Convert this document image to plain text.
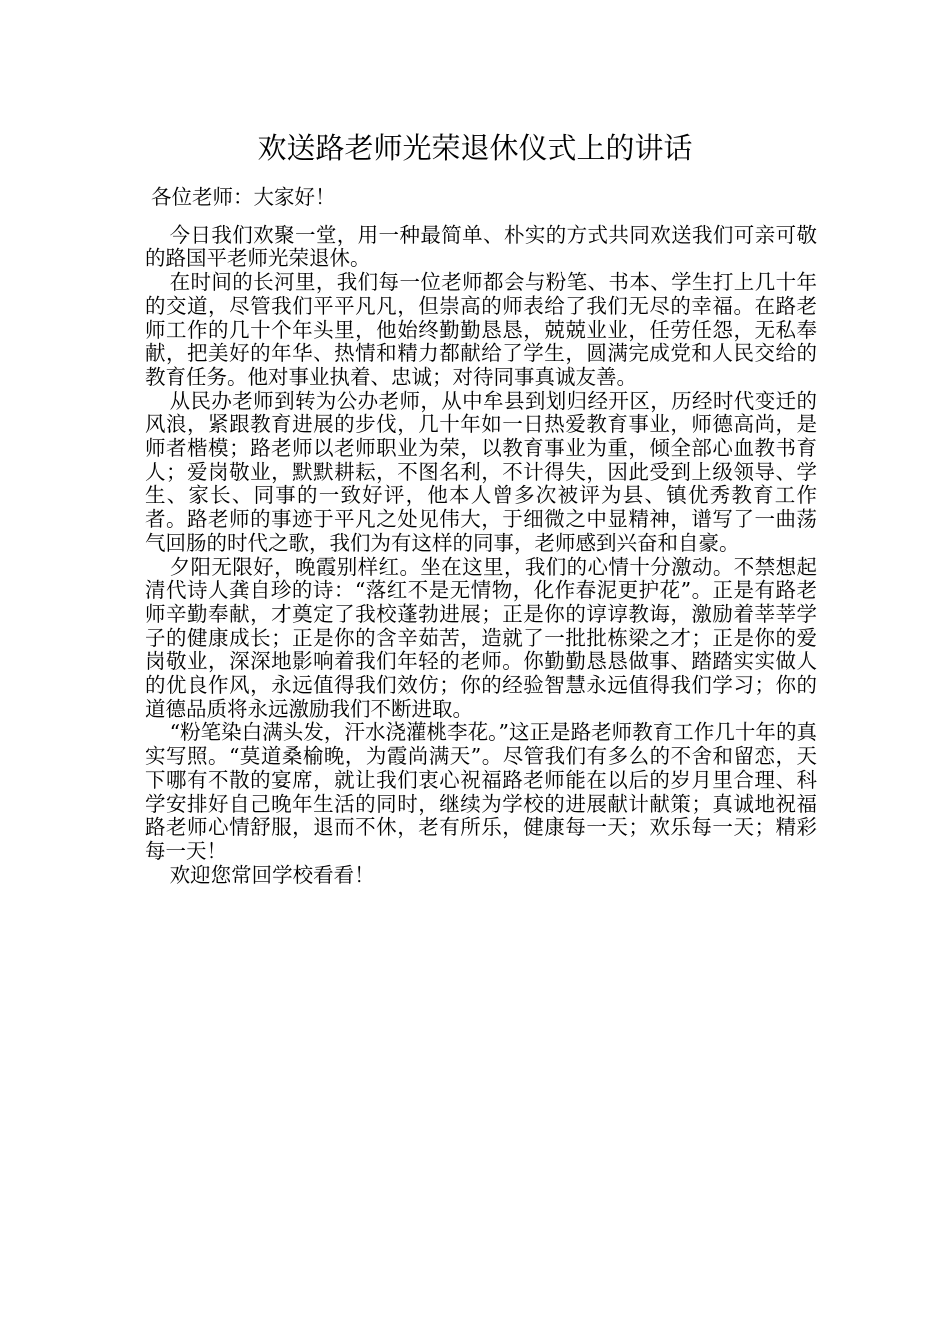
欢送路老师光荣退休仪式上的讲话

各位老师：大家好！

今日我们欢聚一堂，用一种最简单、朴实的方式共同欢送我们可亲可敬的路国平老师光荣退休。

在时间的长河里，我们每一位老师都会与粉笔、书本、学生打上几十年的交道，尽管我们平平凡凡，但崇高的师表给了我们无尽的幸福。在路老师工作的几十个年头里，他始终勤勤恳恳，兢兢业业，任劳任怨，无私奉献，把美好的年华、热情和精力都献给了学生，圆满完成党和人民交给的教育任务。他对事业执着、忠诚；对待同事真诚友善。

从民办老师到转为公办老师，从中牟县到划归经开区，历经时代变迁的风浪，紧跟教育进展的步伐，几十年如一日热爱教育事业，师德高尚，是师者楷模；路老师以老师职业为荣，以教育事业为重，倾全部心血教书育人；爱岗敬业，默默耕耘，不图名利，不计得失，因此受到上级领导、学生、家长、同事的一致好评，他本人曾多次被评为县、镇优秀教育工作者。路老师的事迹于平凡之处见伟大，于细微之中显精神，谱写了一曲荡气回肠的时代之歌，我们为有这样的同事，老师感到兴奋和自豪。

夕阳无限好，晚霞别样红。坐在这里，我们的心情十分激动。不禁想起清代诗人龚自珍的诗：“落红不是无情物，化作春泥更护花”。正是有路老师辛勤奉献，才奠定了我校蓬勃进展；正是你的谆谆教诲，激励着莘莘学子的健康成长；正是你的含辛茹苦，造就了一批批栋梁之才；正是你的爱岗敬业，深深地影响着我们年轻的老师。你勤勤恳恳做事、踏踏实实做人的优良作风，永远值得我们效仿；你的经验智慧永远值得我们学习；你的道德品质将永远激励我们不断进取。

“粉笔染白满头发，汗水浇灌桃李花。”这正是路老师教育工作几十年的真实写照。“莫道桑榆晚，为霞尚满天”。尽管我们有多么的不舍和留恋，天下哪有不散的宴席，就让我们衷心祝福路老师能在以后的岁月里合理、科学安排好自己晚年生活的同时，继续为学校的进展献计献策；真诚地祝福路老师心情舒服，退而不休，老有所乐，健康每一天；欢乐每一天；精彩每一天！

欢迎您常回学校看看！
